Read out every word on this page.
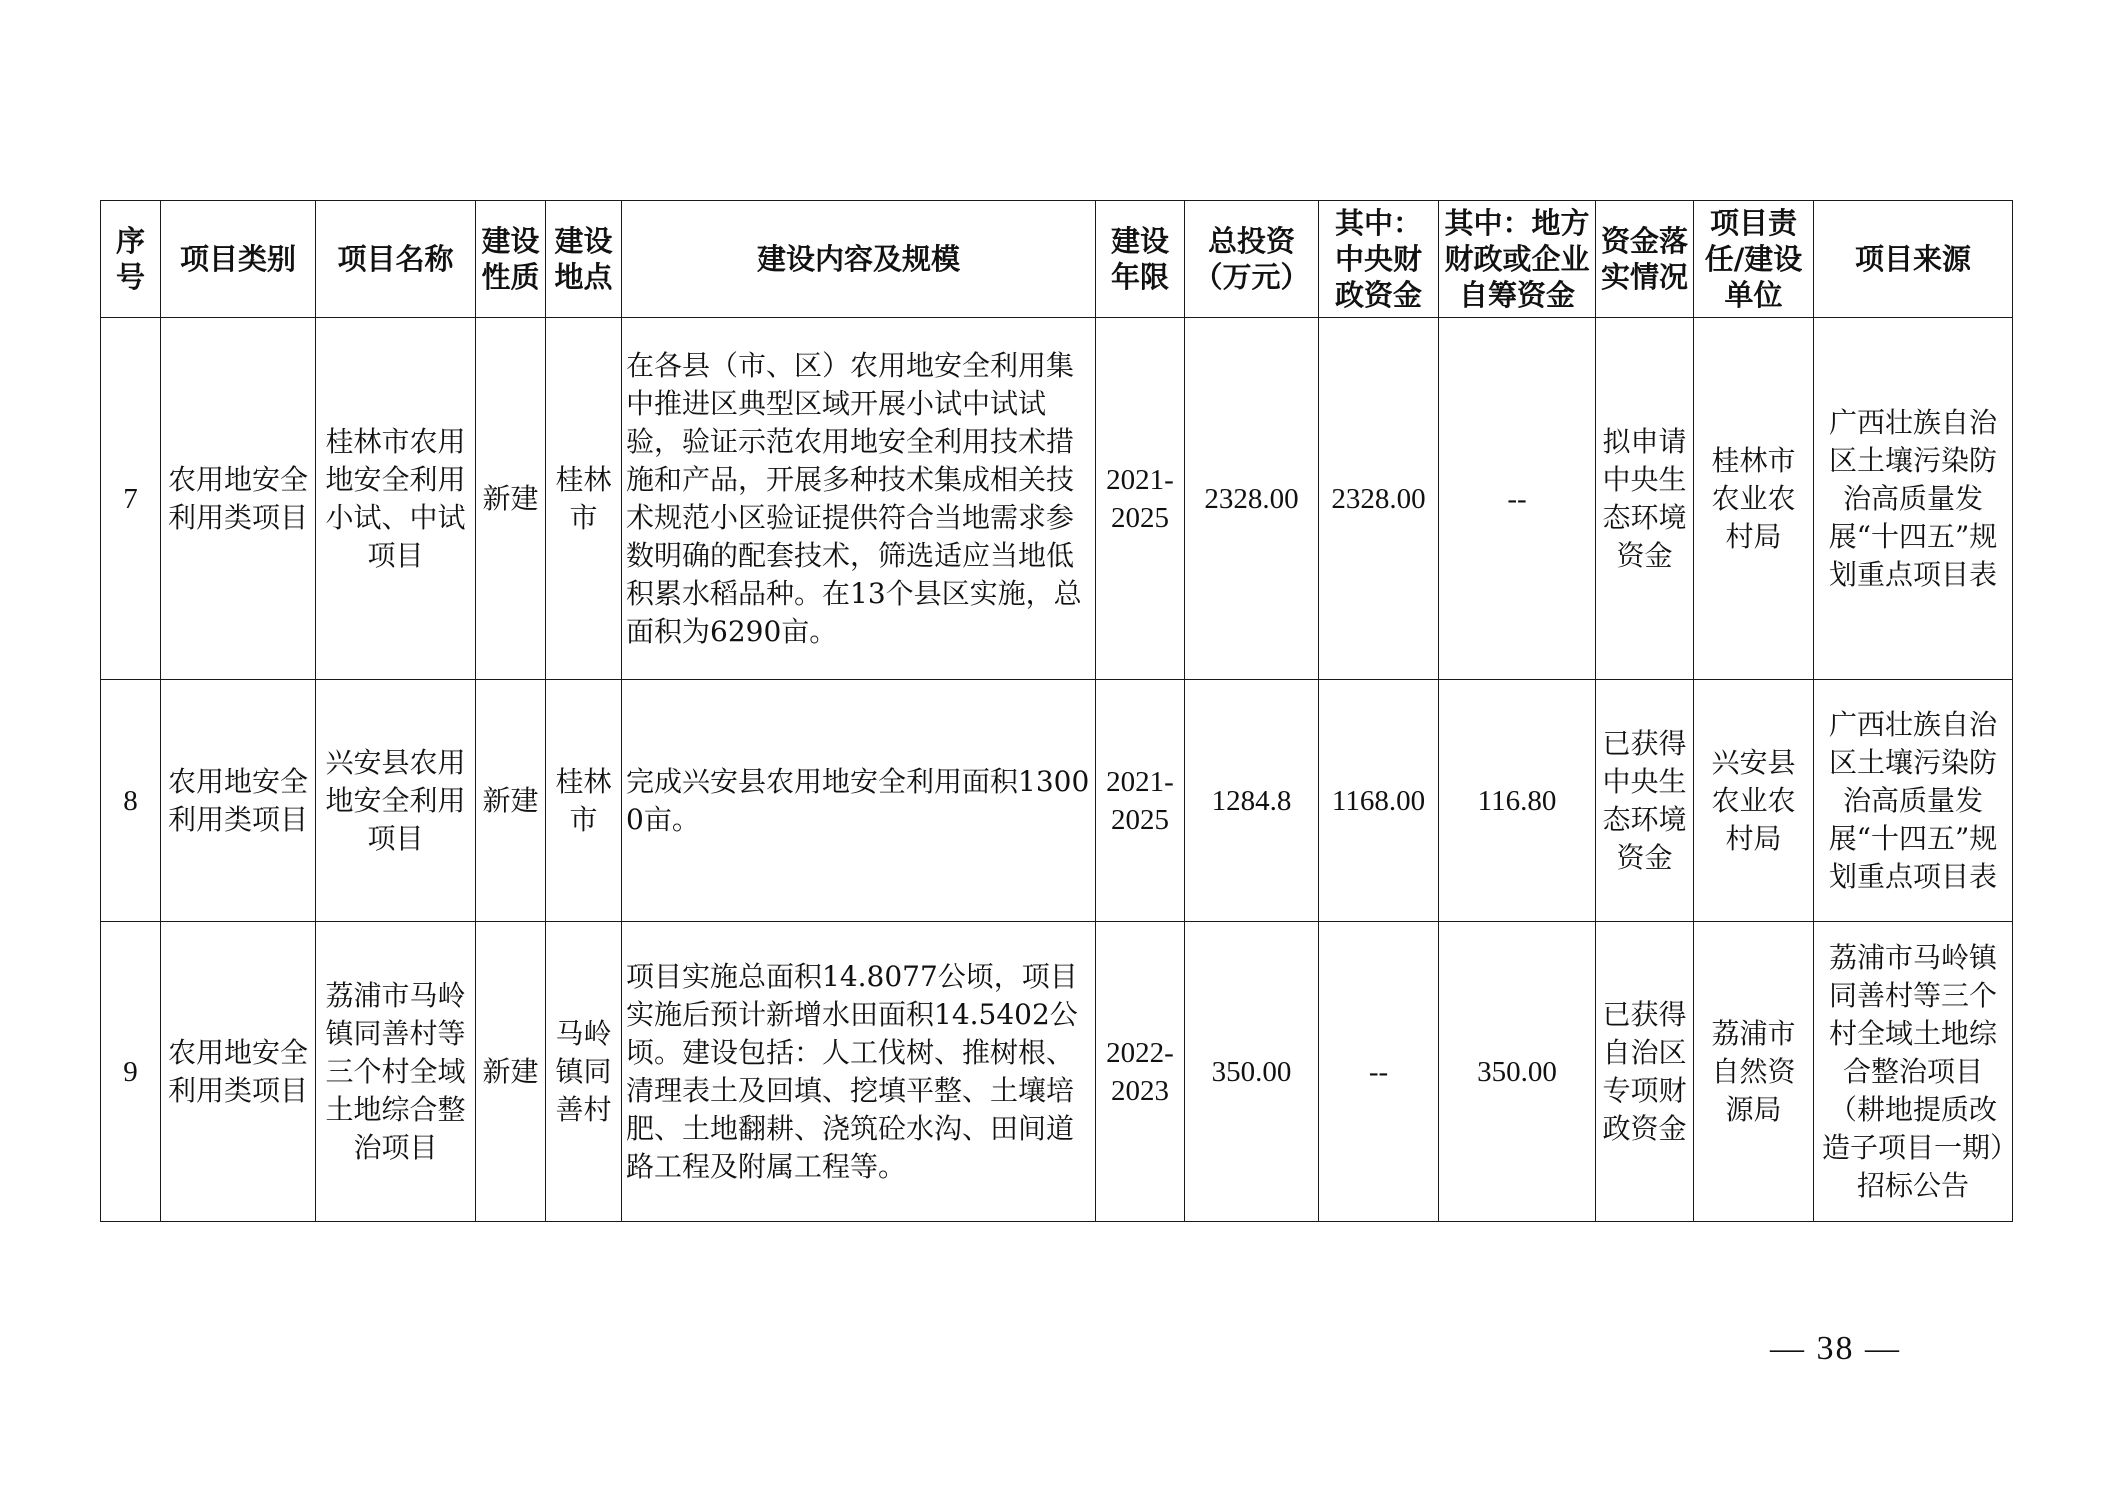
序号	项目类别	项目名称	建设性质	建设地点	建设内容及规模	建设年限	总投资（万元）	其中：中央财政资金	其中：地方财政或企业自筹资金	资金落实情况	项目责任/建设单位	项目来源
7	农用地安全利用类项目	桂林市农用地安全利用小试、中试项目	新建	桂林市	在各县（市、区）农用地安全利用集中推进区典型区域开展小试中试试验，验证示范农用地安全利用技术措施和产品，开展多种技术集成相关技术规范小区验证提供符合当地需求参数明确的配套技术，筛选适应当地低积累水稻品种。在13个县区实施，总面积为6290亩。	2021-2025	2328.00	2328.00	--	拟申请中央生态环境资金	桂林市农业农村局	广西壮族自治区土壤污染防治高质量发展“十四五”规划重点项目表
8	农用地安全利用类项目	兴安县农用地安全利用项目	新建	桂林市	完成兴安县农用地安全利用面积13000亩。	2021-2025	1284.8	1168.00	116.80	已获得中央生态环境资金	兴安县农业农村局	广西壮族自治区土壤污染防治高质量发展“十四五”规划重点项目表
9	农用地安全利用类项目	荔浦市马岭镇同善村等三个村全域土地综合整治项目	新建	马岭镇同善村	项目实施总面积14.8077公顷，项目实施后预计新增水田面积14.5402公顷。建设包括：人工伐树、推树根、清理表土及回填、挖填平整、土壤培肥、土地翻耕、浇筑砼水沟、田间道路工程及附属工程等。	2022-2023	350.00	--	350.00	已获得自治区专项财政资金	荔浦市自然资源局	荔浦市马岭镇同善村等三个村全域土地综合整治项目（耕地提质改造子项目一期）招标公告
— 38 —
